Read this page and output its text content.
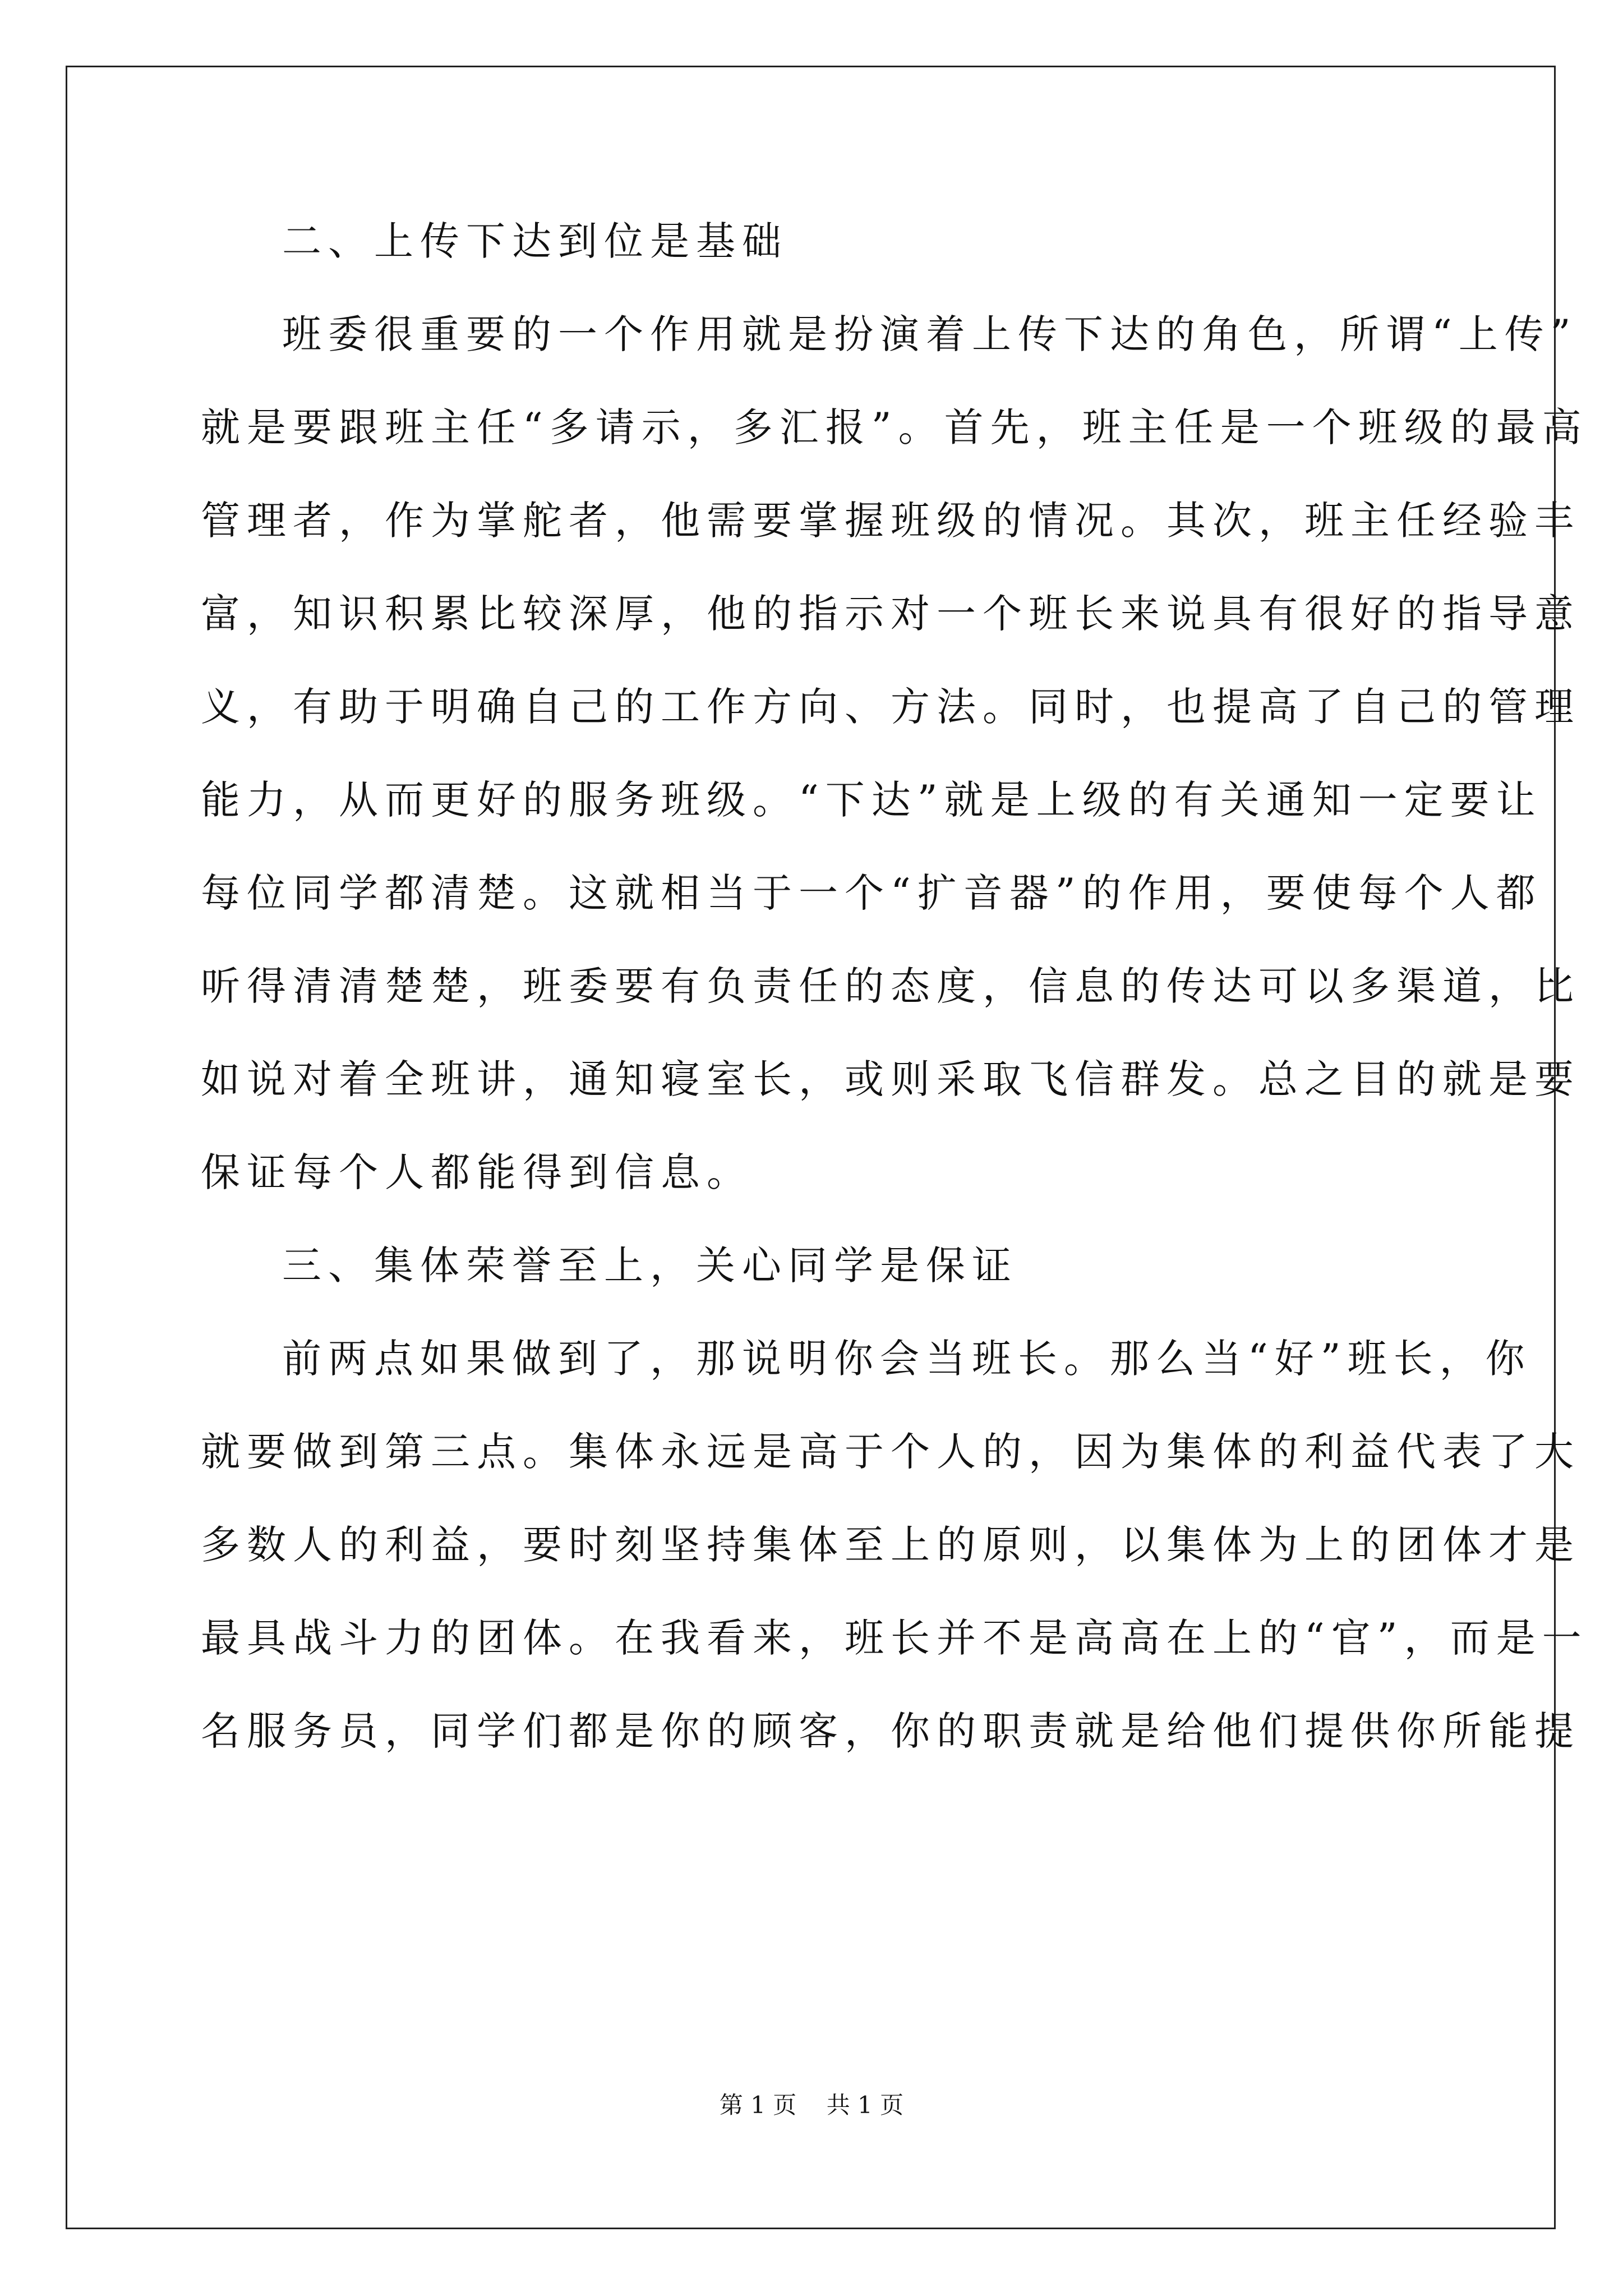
二、上传下达到位是基础
班委很重要的一个作用就是扮演着上传下达的角色，所谓“上传”
就是要跟班主任“多请示，多汇报”。首先，班主任是一个班级的最高
管理者，作为掌舵者，他需要掌握班级的情况。其次，班主任经验丰
富，知识积累比较深厚，他的指示对一个班长来说具有很好的指导意
义，有助于明确自己的工作方向、方法。同时，也提高了自己的管理
能力，从而更好的服务班级。“下达”就是上级的有关通知一定要让
每位同学都清楚。这就相当于一个“扩音器”的作用，要使每个人都
听得清清楚楚，班委要有负责任的态度，信息的传达可以多渠道，比
如说对着全班讲，通知寝室长，或则采取飞信群发。总之目的就是要
保证每个人都能得到信息。
三、集体荣誉至上，关心同学是保证
前两点如果做到了，那说明你会当班长。那么当“好”班长，你
就要做到第三点。集体永远是高于个人的，因为集体的利益代表了大
多数人的利益，要时刻坚持集体至上的原则，以集体为上的团体才是
最具战斗力的团体。在我看来，班长并不是高高在上的“官”，而是一
名服务员，同学们都是你的顾客，你的职责就是给他们提供你所能提
第 1 页    共 1 页
